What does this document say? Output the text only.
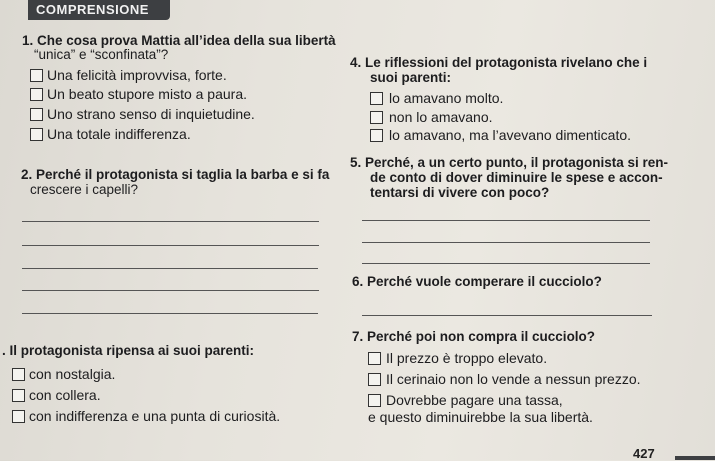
COMPRENSIONE
1. Che cosa prova Mattia all’idea della sua libertà
“unica” e “sconfinata”?
Una felicità improvvisa, forte.
Un beato stupore misto a paura.
Uno strano senso di inquietudine.
Una totale indifferenza.
2. Perché il protagonista si taglia la barba e si fa
crescere i capelli?
. Il protagonista ripensa ai suoi parenti:
con nostalgia.
con collera.
con indifferenza e una punta di curiosità.
4. Le riflessioni del protagonista rivelano che i
suoi parenti:
lo amavano molto.
non lo amavano.
lo amavano, ma l’avevano dimenticato.
5. Perché, a un certo punto, il protagonista si ren-
de conto di dover diminuire le spese e accon-
tentarsi di vivere con poco?
6. Perché vuole comperare il cucciolo?
7. Perché poi non compra il cucciolo?
Il prezzo è troppo elevato.
Il cerinaio non lo vende a nessun prezzo.
Dovrebbe pagare una tassa,
e questo diminuirebbe la sua libertà.
427
